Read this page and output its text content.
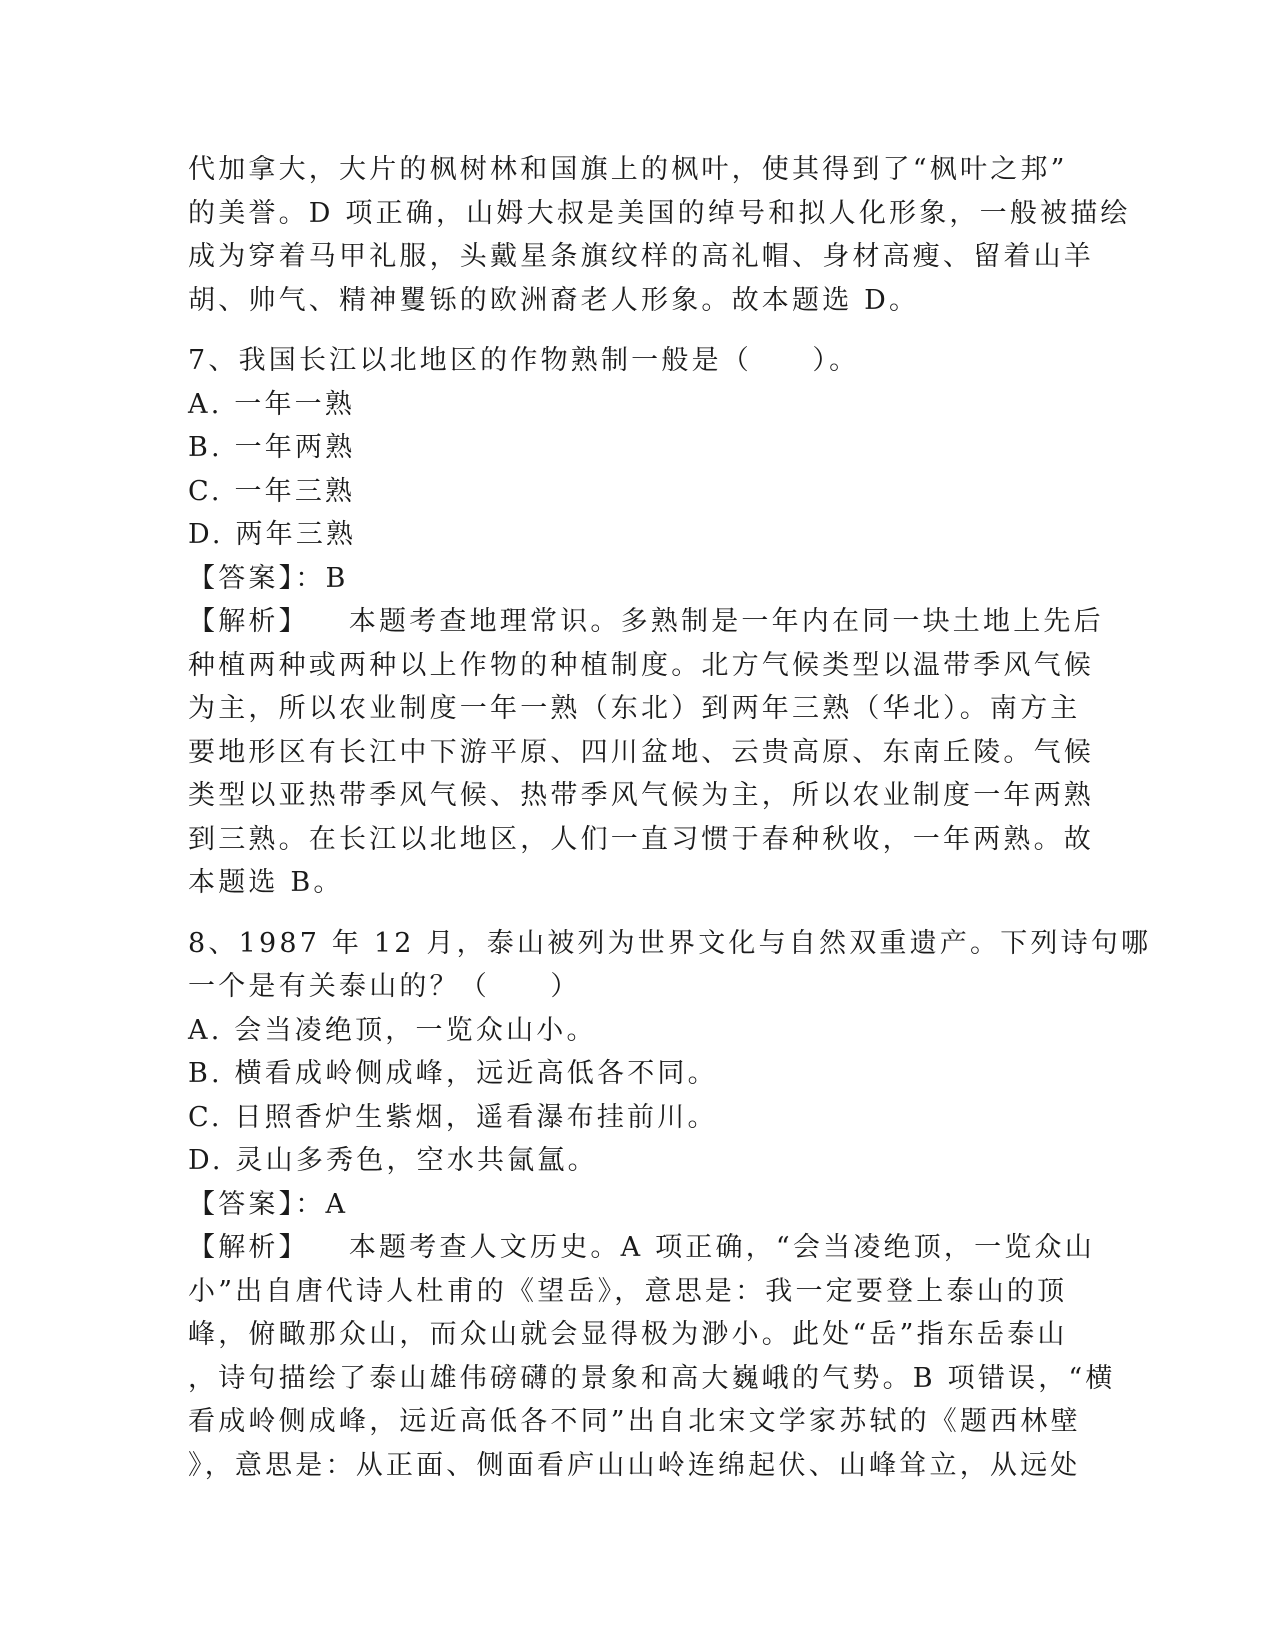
代加拿大，大片的枫树林和国旗上的枫叶，使其得到了“枫叶之邦”
的美誉。D 项正确，山姆大叔是美国的绰号和拟人化形象，一般被描绘
成为穿着马甲礼服，头戴星条旗纹样的高礼帽、身材高瘦、留着山羊
胡、帅气、精神矍铄的欧洲裔老人形象。故本题选 D。
7、我国长江以北地区的作物熟制一般是（　　）。
A. 一年一熟
B. 一年两熟
C. 一年三熟
D. 两年三熟
【答案】：B
【解析】 本题考查地理常识。多熟制是一年内在同一块土地上先后
种植两种或两种以上作物的种植制度。北方气候类型以温带季风气候
为主，所以农业制度一年一熟（东北）到两年三熟（华北）。南方主
要地形区有长江中下游平原、四川盆地、云贵高原、东南丘陵。气候
类型以亚热带季风气候、热带季风气候为主，所以农业制度一年两熟
到三熟。在长江以北地区，人们一直习惯于春种秋收，一年两熟。故
本题选 B。
8、1987 年 12 月，泰山被列为世界文化与自然双重遗产。下列诗句哪
一个是有关泰山的？（　　）
A. 会当凌绝顶，一览众山小。
B. 横看成岭侧成峰，远近高低各不同。
C. 日照香炉生紫烟，遥看瀑布挂前川。
D. 灵山多秀色，空水共氤氲。
【答案】：A
【解析】 本题考查人文历史。A 项正确，“会当凌绝顶，一览众山
小”出自唐代诗人杜甫的《望岳》，意思是：我一定要登上泰山的顶
峰，俯瞰那众山，而众山就会显得极为渺小。此处“岳”指东岳泰山
，诗句描绘了泰山雄伟磅礴的景象和高大巍峨的气势。B 项错误，“横
看成岭侧成峰，远近高低各不同”出自北宋文学家苏轼的《题西林壁
》，意思是：从正面、侧面看庐山山岭连绵起伏、山峰耸立，从远处
